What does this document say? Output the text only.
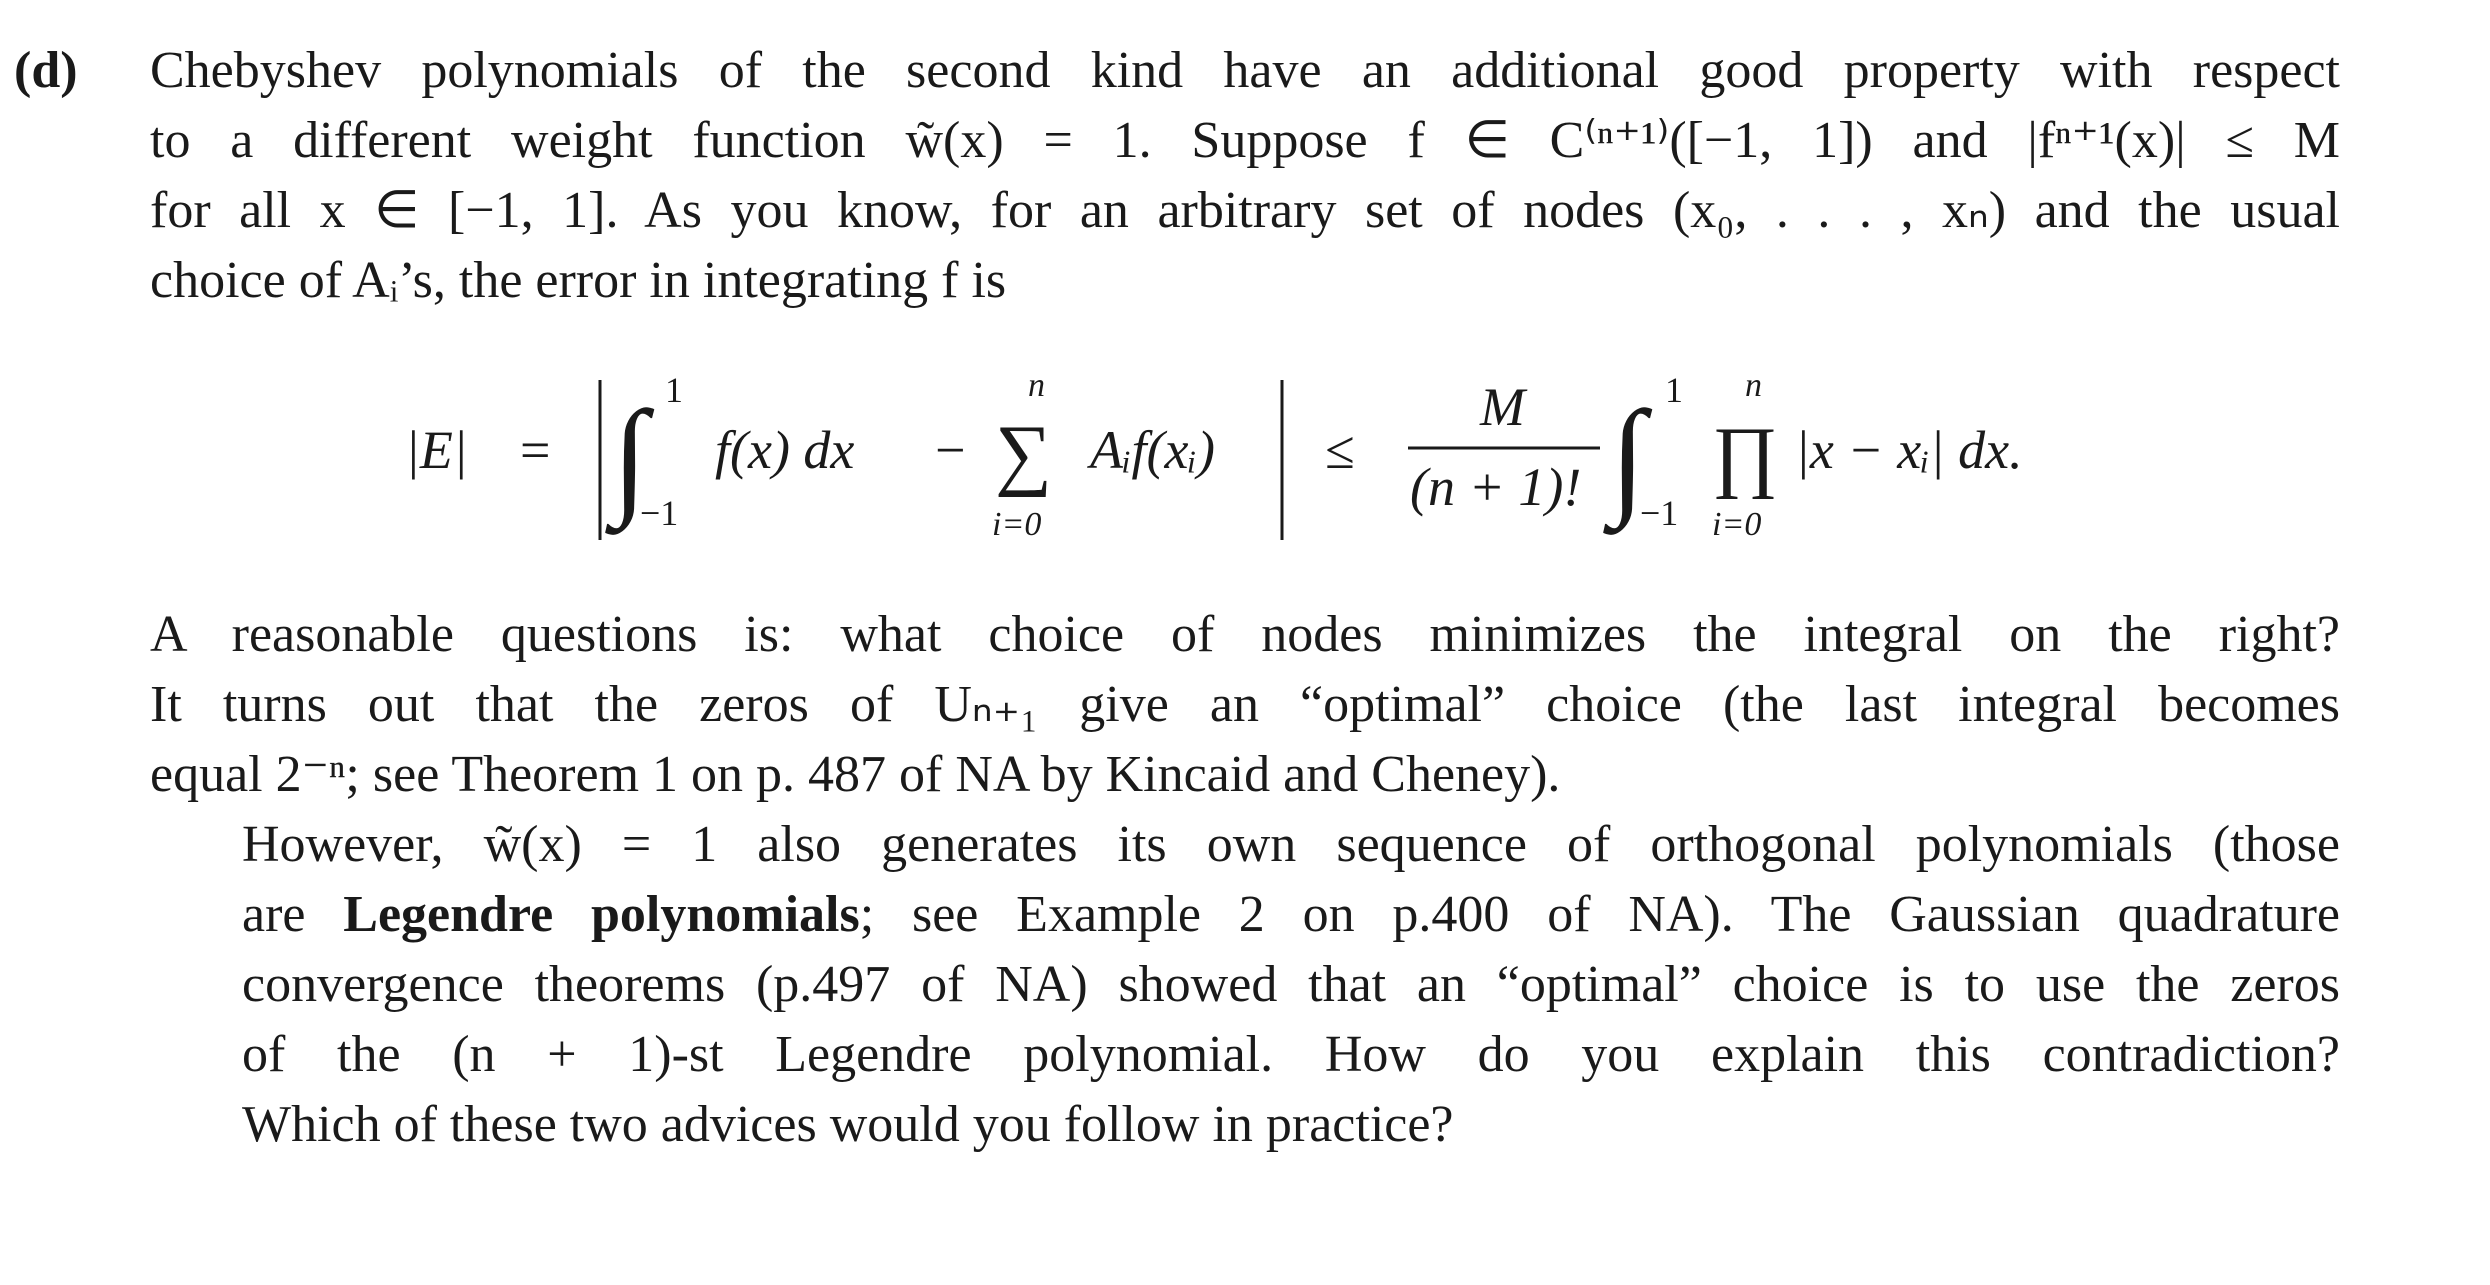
(d) Chebyshev polynomials of the second kind have an additional good property with respect
to a different weight function w̃(x) = 1. Suppose f ∈ C⁽ⁿ⁺¹⁾([−1, 1]) and |fⁿ⁺¹(x)| ≤ M
for all x ∈ [−1, 1]. As you know, for an arbitrary set of nodes (x₀, . . . , xₙ) and the usual
choice of Aᵢ’s, the error in integrating f is
|E| = ∫ 1
−1
f(x) dx −
n
∑
i=0
Aᵢf(xᵢ) ≤
M
(n + 1)! ∫ 1
−1
n
∏
i=0
|x − xᵢ| dx.
A reasonable questions is: what choice of nodes minimizes the integral on the right?
It turns out that the zeros of Uₙ₊₁ give an “optimal” choice (the last integral becomes
equal 2⁻ⁿ; see Theorem 1 on p. 487 of NA by Kincaid and Cheney).
However, w̃(x) = 1 also generates its own sequence of orthogonal polynomials (those
are Legendre polynomials; see Example 2 on p.400 of NA). The Gaussian quadrature
convergence theorems (p.497 of NA) showed that an “optimal” choice is to use the zeros
of the (n + 1)-st Legendre polynomial. How do you explain this contradiction?
Which of these two advices would you follow in practice?
